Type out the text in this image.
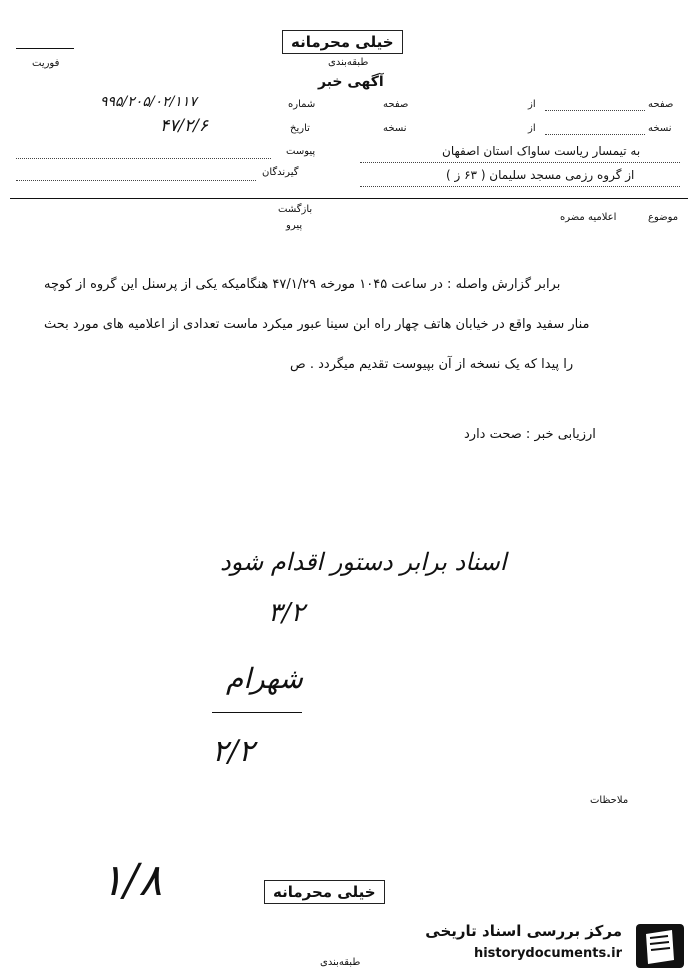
خیلی محرمانه
طبقه‌بندی
آگهی خبر
فوریت
صفحه
از
صفحه
شماره
۹۹۵/۲۰۵/۰۲/۱۱۷
نسخه
از
نسخه
تاریخ
۴۷/۲/۶
به تیمسار ریاست ساواک استان اصفهان
پیوست
از گروه رزمی مسجد سلیمان ( ۶۳ ز )
گیرندگان
بازگشت
پیرو
موضوع
اعلامیه مضره
برابر گزارش واصله : در ساعت ۱۰۴۵ مورخه ۴۷/۱/۲۹ هنگامیکه یکی از پرسنل این گروه از کوچه
منار سفید واقع در خیابان هاتف چهار راه ابن سینا عبور میکرد ماست تعدادی از اعلامیه های مورد بحث
را پیدا که یک نسخه از آن بپیوست تقدیم میگردد . ص
ارزیابی خبر : صحت دارد
اسناد برابر دستور اقدام شود
۳/۲
شهرام
۲/۲
ملاحظات
۱/۸	خیلی محرمانه
طبقه‌بندی
مرکز بررسی اسناد تاریخی
historydocuments.ir
